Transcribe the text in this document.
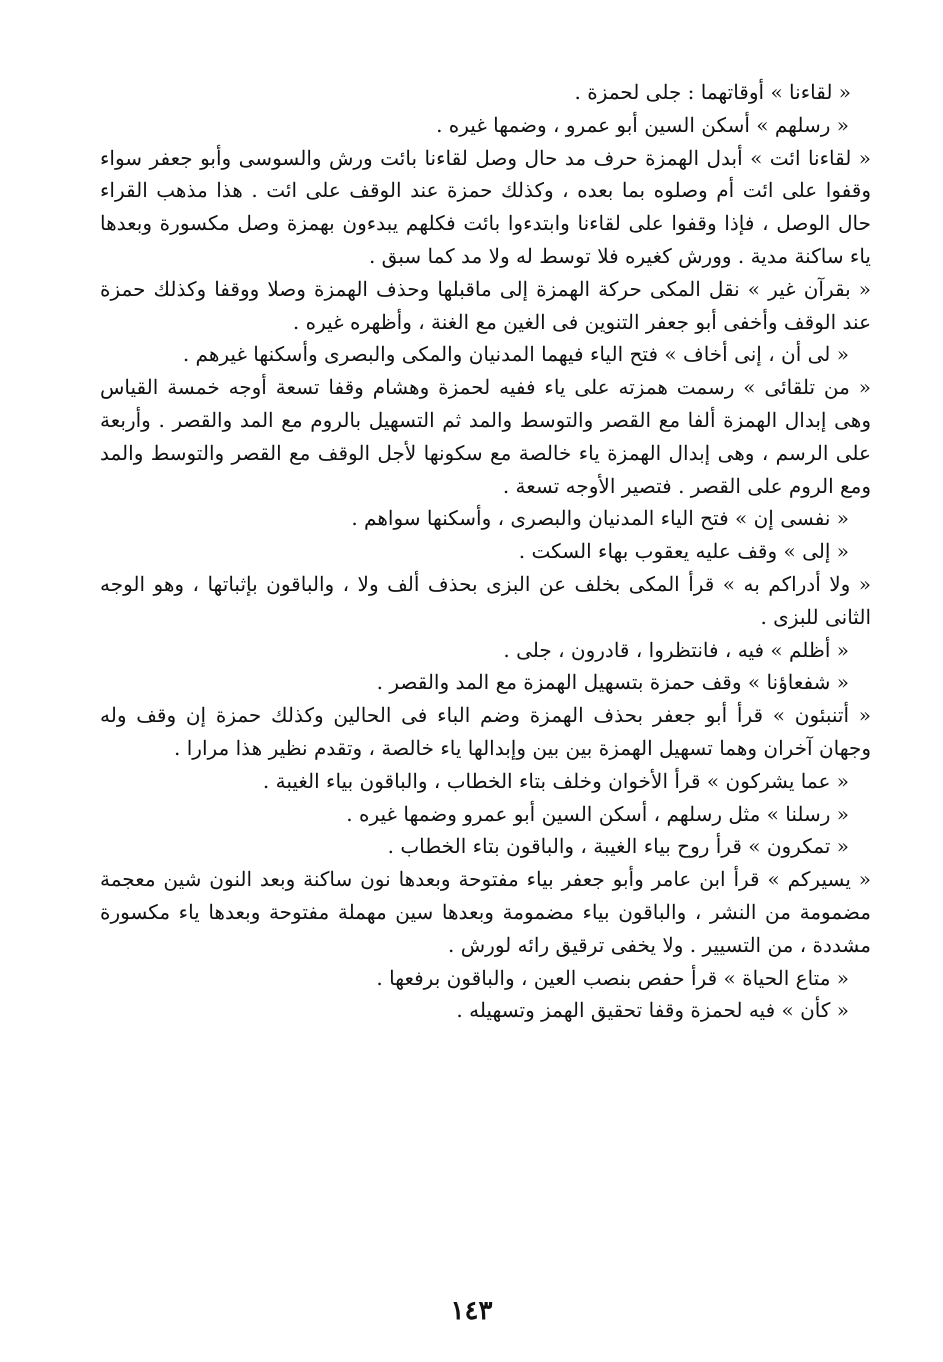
« لقاءنا » أوقاتهما : جلى لحمزة .

« رسلهم » أسكن السين أبو عمرو ، وضمها غيره .

« لقاءنا ائت » أبدل الهمزة حرف مد حال وصل لقاءنا بائت ورش والسوسى وأبو جعفر سواء وقفوا على ائت أم وصلوه بما بعده ، وكذلك حمزة عند الوقف على ائت . هذا مذهب القراء حال الوصل ، فإذا وقفوا على لقاءنا وابتدءوا بائت فكلهم يبدءون بهمزة وصل مكسورة وبعدها ياء ساكنة مدية . وورش كغيره فلا توسط له ولا مد كما سبق .

« بقرآن غير » نقل المكى حركة الهمزة إلى ماقبلها وحذف الهمزة وصلا ووقفا وكذلك حمزة عند الوقف وأخفى أبو جعفر التنوين فى الغين مع الغنة ، وأظهره غيره .

« لى أن ، إنى أخاف » فتح الياء فيهما المدنيان والمكى والبصرى وأسكنها غيرهم .

« من تلقائى » رسمت همزته على ياء ففيه لحمزة وهشام وقفا تسعة أوجه خمسة القياس وهى إبدال الهمزة ألفا مع القصر والتوسط والمد ثم التسهيل بالروم مع المد والقصر . وأربعة على الرسم ، وهى إبدال الهمزة ياء خالصة مع سكونها لأجل الوقف مع القصر والتوسط والمد ومع الروم على القصر . فتصير الأوجه تسعة .

« نفسى إن » فتح الياء المدنيان والبصرى ، وأسكنها سواهم .

« إلى » وقف عليه يعقوب بهاء السكت .

« ولا أدراكم به » قرأ المكى بخلف عن البزى بحذف ألف ولا ، والباقون بإثباتها ، وهو الوجه الثانى للبزى .

« أظلم » فيه ، فانتظروا ، قادرون ، جلى .

« شفعاؤنا » وقف حمزة بتسهيل الهمزة مع المد والقصر .

« أتنبئون » قرأ أبو جعفر بحذف الهمزة وضم الباء فى الحالين وكذلك حمزة إن وقف وله وجهان آخران وهما تسهيل الهمزة بين بين وإبدالها ياء خالصة ، وتقدم نظير هذا مرارا .

« عما يشركون » قرأ الأخوان وخلف بتاء الخطاب ، والباقون بياء الغيبة .

« رسلنا » مثل رسلهم ، أسكن السين أبو عمرو وضمها غيره .

« تمكرون » قرأ روح بياء الغيبة ، والباقون بتاء الخطاب .

« يسيركم » قرأ ابن عامر وأبو جعفر بياء مفتوحة وبعدها نون ساكنة وبعد النون شين معجمة مضمومة من النشر ، والباقون بياء مضمومة وبعدها سين مهملة مفتوحة وبعدها ياء مكسورة مشددة ، من التسيير . ولا يخفى ترقيق رائه لورش .

« متاع الحياة » قرأ حفص بنصب العين ، والباقون برفعها .

« كأن » فيه لحمزة وقفا تحقيق الهمز وتسهيله .

١٤٣
